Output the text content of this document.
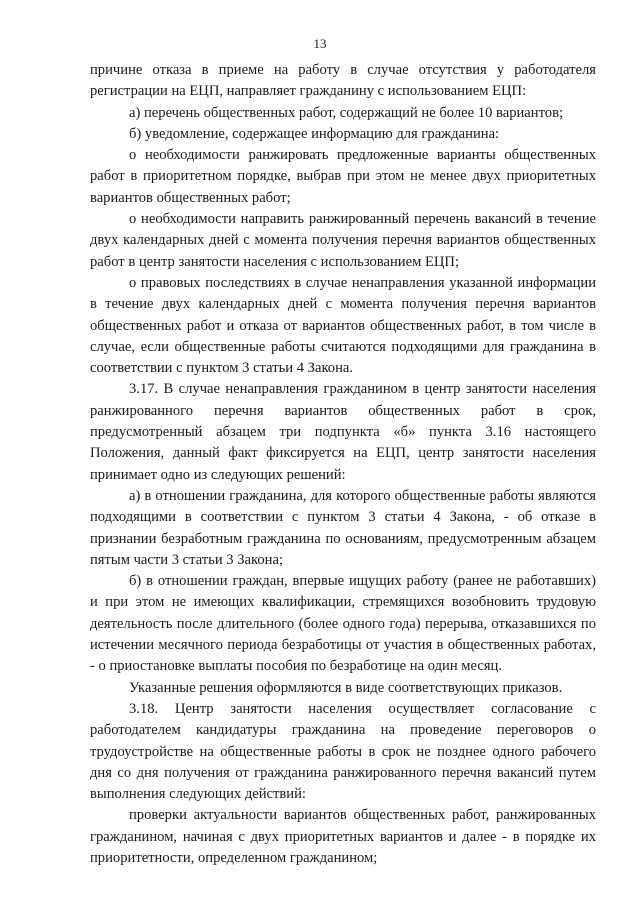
13

причине отказа в приеме на работу в случае отсутствия у работодателя регистрации на ЕЦП, направляет гражданину с использованием ЕЦП:

а) перечень общественных работ, содержащий не более 10 вариантов;

б) уведомление, содержащее информацию для гражданина:

о необходимости ранжировать предложенные варианты общественных работ в приоритетном порядке, выбрав при этом не менее двух приоритетных вариантов общественных работ;

о необходимости направить ранжированный перечень вакансий в течение двух календарных дней с момента получения перечня вариантов общественных работ в центр занятости населения с использованием ЕЦП;

о правовых последствиях в случае ненаправления указанной информации в течение двух календарных дней с момента получения перечня вариантов общественных работ и отказа от вариантов общественных работ, в том числе в случае, если общественные работы считаются подходящими для гражданина в соответствии с пунктом 3 статьи 4 Закона.

3.17. В случае ненаправления гражданином в центр занятости населения ранжированного перечня вариантов общественных работ в срок, предусмотренный абзацем три подпункта «б» пункта 3.16 настоящего Положения, данный факт фиксируется на ЕЦП, центр занятости населения принимает одно из следующих решений:

а) в отношении гражданина, для которого общественные работы являются подходящими в соответствии с пунктом 3 статьи 4 Закона, - об отказе в признании безработным гражданина по основаниям, предусмотренным абзацем пятым части 3 статьи 3 Закона;

б) в отношении граждан, впервые ищущих работу (ранее не работавших) и при этом не имеющих квалификации, стремящихся возобновить трудовую деятельность после длительного (более одного года) перерыва, отказавшихся по истечении месячного периода безработицы от участия в общественных работах, - о приостановке выплаты пособия по безработице на один месяц.

Указанные решения оформляются в виде соответствующих приказов.

3.18. Центр занятости населения осуществляет согласование с работодателем кандидатуры гражданина на проведение переговоров о трудоустройстве на общественные работы в срок не позднее одного рабочего дня со дня получения от гражданина ранжированного перечня вакансий путем выполнения следующих действий:

проверки актуальности вариантов общественных работ, ранжированных гражданином, начиная с двух приоритетных вариантов и далее - в порядке их приоритетности, определенном гражданином;
